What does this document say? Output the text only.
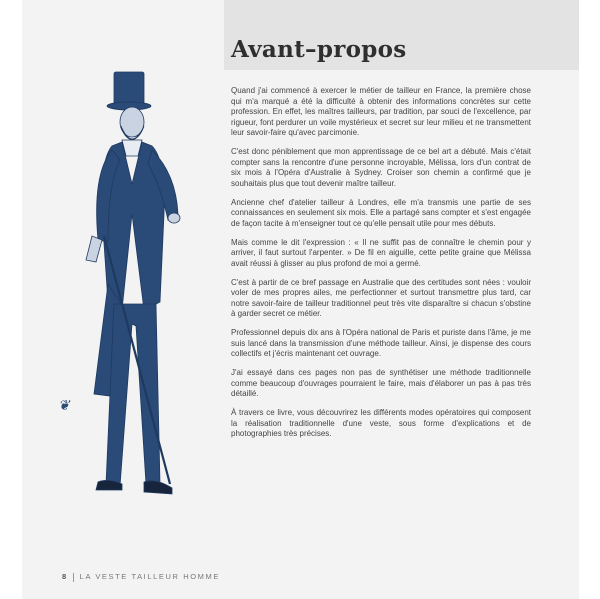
Avant–propos
❦

Quand j'ai commencé à exercer le métier de tailleur en France, la première chose qui m'a marqué a été la difficulté à obtenir des informations concrètes sur cette profession. En effet, les maîtres tailleurs, par tradition, par souci de l'excellence, par rigueur, font perdurer un voile mystérieux et secret sur leur milieu et ne transmettent leur savoir-faire qu'avec parcimonie.

C'est donc péniblement que mon apprentissage de ce bel art a débuté. Mais c'était compter sans la rencontre d'une personne incroyable, Mélissa, lors d'un contrat de six mois à l'Opéra d'Australie à Sydney. Croiser son chemin a confirmé que je souhaitais plus que tout devenir maître tailleur.

Ancienne chef d'atelier tailleur à Londres, elle m'a transmis une partie de ses connaissances en seulement six mois. Elle a partagé sans compter et s'est engagée de façon tacite à m'enseigner tout ce qu'elle pensait utile pour mes débuts.

Mais comme le dit l'expression : « Il ne suffit pas de connaître le chemin pour y arriver, il faut surtout l'arpenter. » De fil en aiguille, cette petite graine que Mélissa avait réussi à glisser au plus profond de moi a germé.

C'est à partir de ce bref passage en Australie que des certitudes sont nées : vouloir voler de mes propres ailes, me perfectionner et surtout transmettre plus tard, car notre savoir-faire de tailleur traditionnel peut très vite disparaître si chacun s'obstine à garder secret ce métier.

Professionnel depuis dix ans à l'Opéra national de Paris et puriste dans l'âme, je me suis lancé dans la transmission d'une méthode tailleur. Ainsi, je dispense des cours collectifs et j'écris maintenant cet ouvrage.

J'ai essayé dans ces pages non pas de synthétiser une méthode traditionnelle comme beaucoup d'ouvrages pourraient le faire, mais d'élaborer un pas à pas très détaillé.

À travers ce livre, vous découvrirez les différents modes opératoires qui composent la réalisation traditionnelle d'une veste, sous forme d'explications et de photographies très précises.

8 LA VESTE TAILLEUR HOMME
